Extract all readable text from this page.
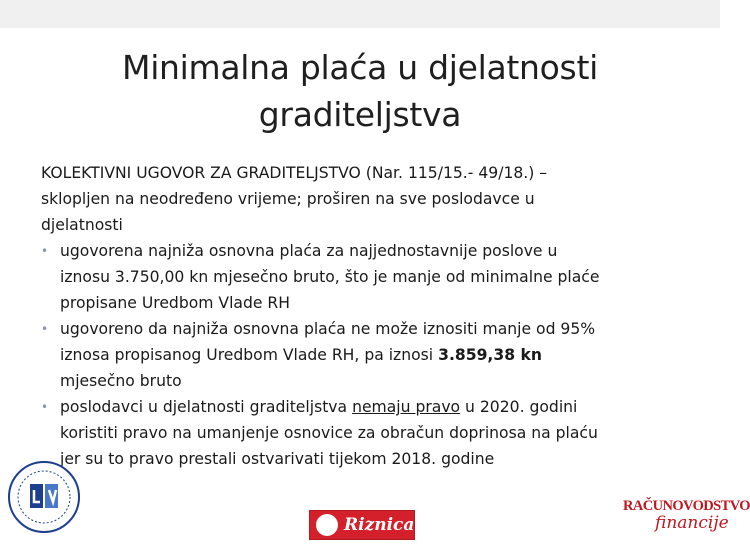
Minimalna plaća u djelatnosti
graditeljstva

KOLEKTIVNI UGOVOR ZA GRADITELJSTVO (Nar. 115/15.- 49/18.) –
sklopljen na neodređeno vrijeme; proširen na sve poslodavce u
djelatnosti

• ugovorena najniža osnovna plaća za najjednostavnije poslove u
iznosu 3.750,00 kn mjesečno bruto, što je manje od minimalne plaće
propisane Uredbom Vlade RH
• ugovoreno da najniža osnovna plaća ne može iznositi manje od 95%
iznosa propisanog Uredbom Vlade RH, pa iznosi 3.859,38 kn
mjesečno bruto
• poslodavci u djelatnosti graditeljstva nemaju pravo u 2020. godini
koristiti pravo na umanjenje osnovice za obračun doprinosa na plaću
jer su to pravo prestali ostvarivati tijekom 2018. godine
Riznica
RAČUNOVODSTVO
financije
